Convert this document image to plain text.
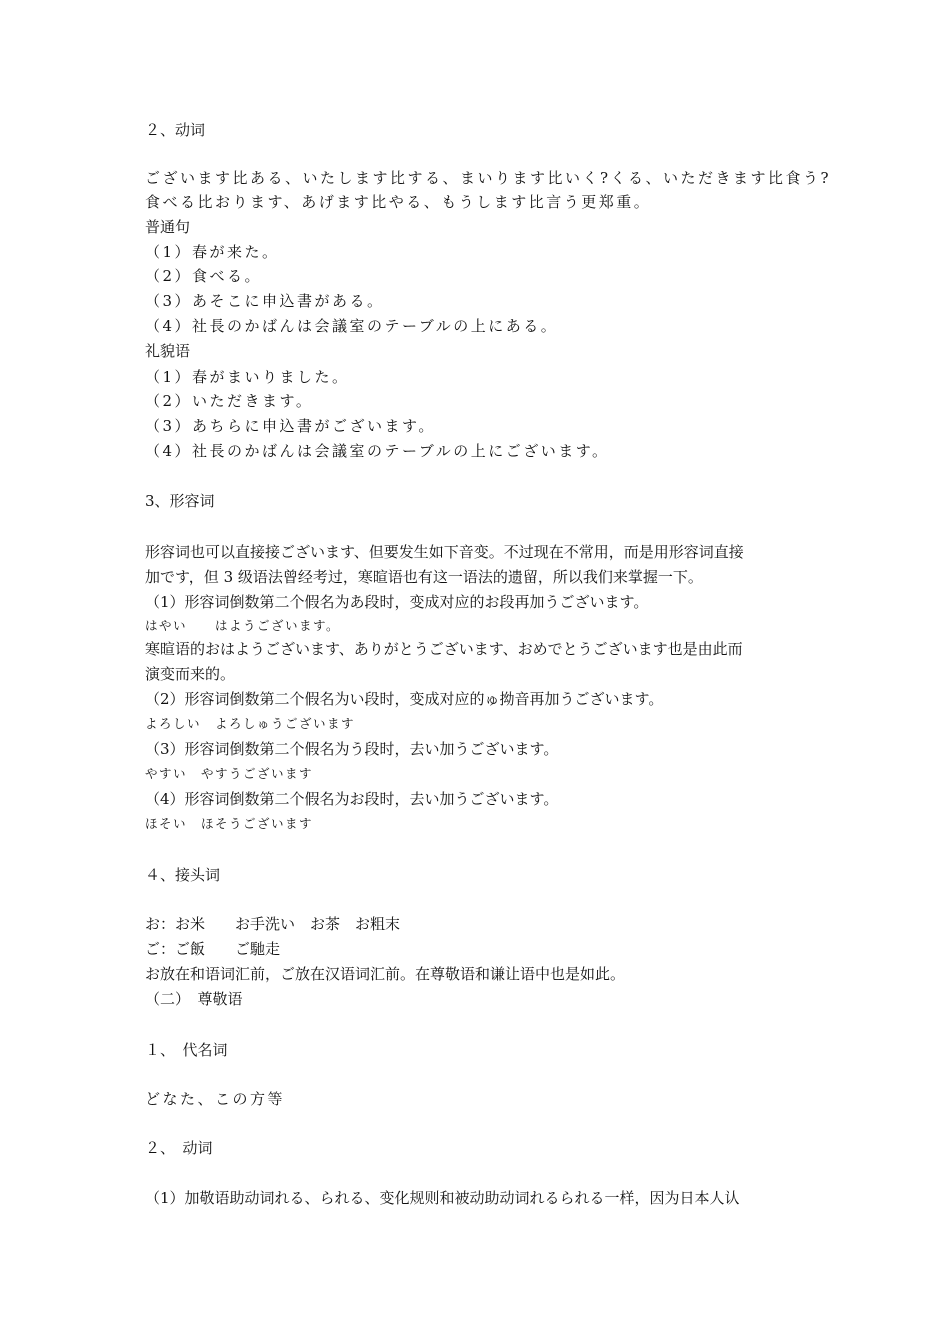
２、动词
ございます比ある、いたします比する、まいります比いく?くる、いただきます比食う?
食べる比おります、あげます比やる、もうします比言う更郑重。
普通句
（1）春が来た。
（2）食べる。
（3）あそこに申込書がある。
（4）社長のかばんは会議室のテーブルの上にある。
礼貌语
（1）春がまいりました。
（2）いただきます。
（3）あちらに申込書がございます。
（4）社長のかばんは会議室のテーブルの上にございます。
3、形容词
形容词也可以直接接ございます、但要发生如下音变。不过现在不常用，而是用形容词直接
加です，但 3 级语法曾经考过，寒暄语也有这一语法的遗留，所以我们来掌握一下。
（1）形容词倒数第二个假名为あ段时，变成对应的お段再加うございます。
はやい　　はようございます。
寒暄语的おはようございます、ありがとうございます、おめでとうございます也是由此而
演变而来的。
（2）形容词倒数第二个假名为い段时，变成对应的ゅ拗音再加うございます。
よろしい　よろしゅうございます
（3）形容词倒数第二个假名为う段时，去い加うございます。
やすい　やすうございます
（4）形容词倒数第二个假名为お段时，去い加うございます。
ほそい　ほそうございます
４、接头词
お：お米　　お手洗い　お茶　お粗末
ご：ご飯　　ご馳走
お放在和语词汇前，ご放在汉语词汇前。在尊敬语和谦让语中也是如此。
（二）　尊敬语
１、　代名词
どなた、この方等
２、　动词
（1）加敬语助动词れる、られる、变化规则和被动助动词れるられる一样，因为日本人认
